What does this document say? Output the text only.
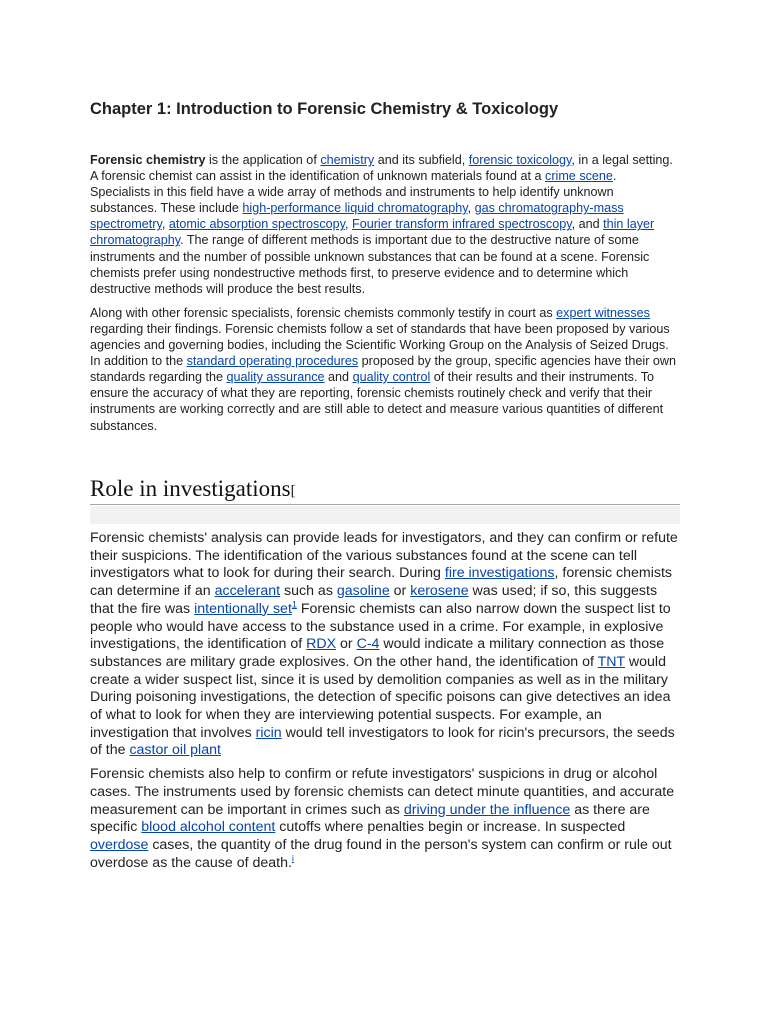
Chapter 1: Introduction to Forensic Chemistry & Toxicology

Forensic chemistry is the application of chemistry and its subfield, forensic toxicology, in a legal setting. A forensic chemist can assist in the identification of unknown materials found at a crime scene. Specialists in this field have a wide array of methods and instruments to help identify unknown substances. These include high-performance liquid chromatography, gas chromatography-mass spectrometry, atomic absorption spectroscopy, Fourier transform infrared spectroscopy, and thin layer chromatography. The range of different methods is important due to the destructive nature of some instruments and the number of possible unknown substances that can be found at a scene. Forensic chemists prefer using nondestructive methods first, to preserve evidence and to determine which destructive methods will produce the best results.

Along with other forensic specialists, forensic chemists commonly testify in court as expert witnesses regarding their findings. Forensic chemists follow a set of standards that have been proposed by various agencies and governing bodies, including the Scientific Working Group on the Analysis of Seized Drugs. In addition to the standard operating procedures proposed by the group, specific agencies have their own standards regarding the quality assurance and quality control of their results and their instruments. To ensure the accuracy of what they are reporting, forensic chemists routinely check and verify that their instruments are working correctly and are still able to detect and measure various quantities of different substances.

Role in investigations[

Forensic chemists' analysis can provide leads for investigators, and they can confirm or refute their suspicions. The identification of the various substances found at the scene can tell investigators what to look for during their search. During fire investigations, forensic chemists can determine if an accelerant such as gasoline or kerosene was used; if so, this suggests that the fire was intentionally set$^1$ Forensic chemists can also narrow down the suspect list to people who would have access to the substance used in a crime. For example, in explosive investigations, the identification of RDX or C-4 would indicate a military connection as those substances are military grade explosives. On the other hand, the identification of TNT would create a wider suspect list, since it is used by demolition companies as well as in the military During poisoning investigations, the detection of specific poisons can give detectives an idea of what to look for when they are interviewing potential suspects. For example, an investigation that involves ricin would tell investigators to look for ricin's precursors, the seeds of the castor oil plant

Forensic chemists also help to confirm or refute investigators' suspicions in drug or alcohol cases. The instruments used by forensic chemists can detect minute quantities, and accurate measurement can be important in crimes such as driving under the influence as there are specific blood alcohol content cutoffs where penalties begin or increase. In suspected overdose cases, the quantity of the drug found in the person's system can confirm or rule out overdose as the cause of death.$^i$
